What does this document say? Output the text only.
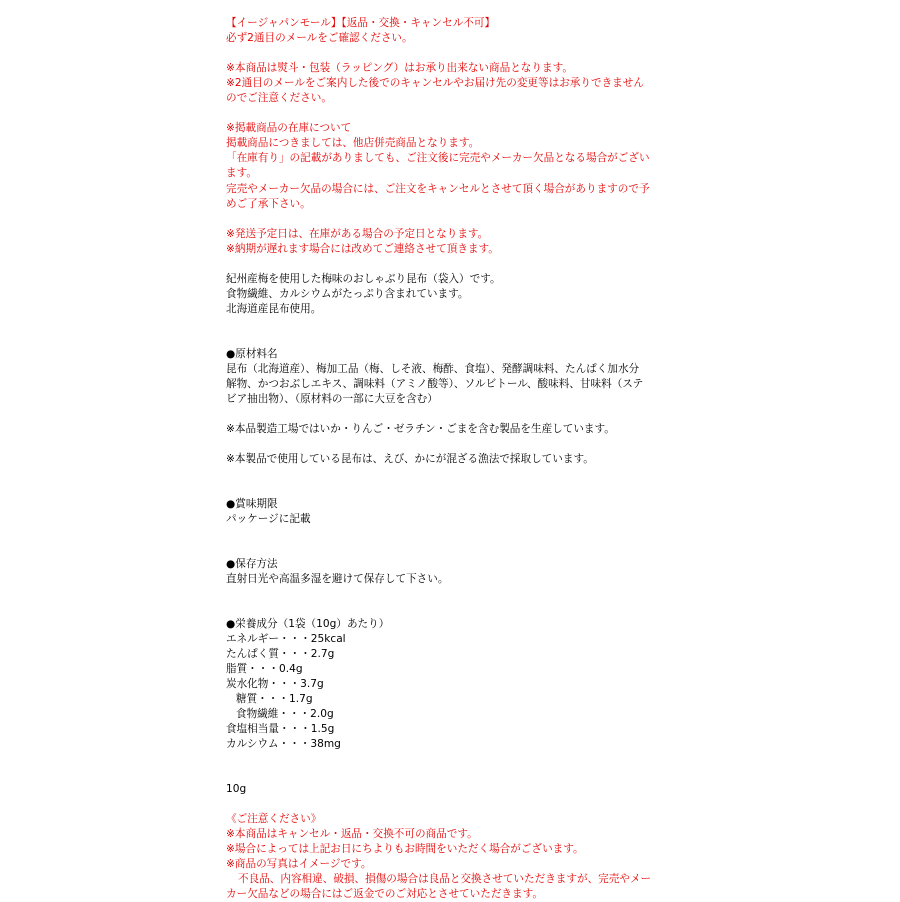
【イージャパンモール】【返品・交換・キャンセル不可】
必ず2通目のメールをご確認ください。
※本商品は熨斗・包装（ラッピング）はお承り出来ない商品となります。
※2通目のメールをご案内した後でのキャンセルやお届け先の変更等はお承りできません
のでご注意ください。
※掲載商品の在庫について
掲載商品につきましては、他店併売商品となります。
「在庫有り」の記載がありましても、ご注文後に完売やメーカー欠品となる場合がござい
ます。
完売やメーカー欠品の場合には、ご注文をキャンセルとさせて頂く場合がありますので予
めご了承下さい。
※発送予定日は、在庫がある場合の予定日となります。
※納期が遅れます場合には改めてご連絡させて頂きます。
紀州産梅を使用した梅味のおしゃぶり昆布（袋入）です。
食物繊維、カルシウムがたっぷり含まれています。
北海道産昆布使用。
●原材料名
昆布（北海道産）、梅加工品（梅、しそ液、梅酢、食塩）、発酵調味料、たんぱく加水分
解物、かつおぶしエキス、調味料（アミノ酸等）、ソルビトール、酸味料、甘味料（ステ
ビア抽出物）、（原材料の一部に大豆を含む）
※本品製造工場ではいか・りんご・ゼラチン・ごまを含む製品を生産しています。
※本製品で使用している昆布は、えび、かにが混ざる漁法で採取しています。
●賞味期限
パッケージに記載
●保存方法
直射日光や高温多湿を避けて保存して下さい。
●栄養成分（1袋（10g）あたり）
エネルギー・・・25kcal
たんぱく質・・・2.7g
脂質・・・0.4g
炭水化物・・・3.7g
糖質・・・1.7g
食物繊維・・・2.0g
食塩相当量・・・1.5g
カルシウム・・・38mg
10g
《ご注意ください》
※本商品はキャンセル・返品・交換不可の商品です。
※場合によっては上記お日にちよりもお時間をいただく場合がございます。
※商品の写真はイメージです。
不良品、内容相違、破損、損傷の場合は良品と交換させていただきますが、完売やメー
カー欠品などの場合にはご返金でのご対応とさせていただきます。
